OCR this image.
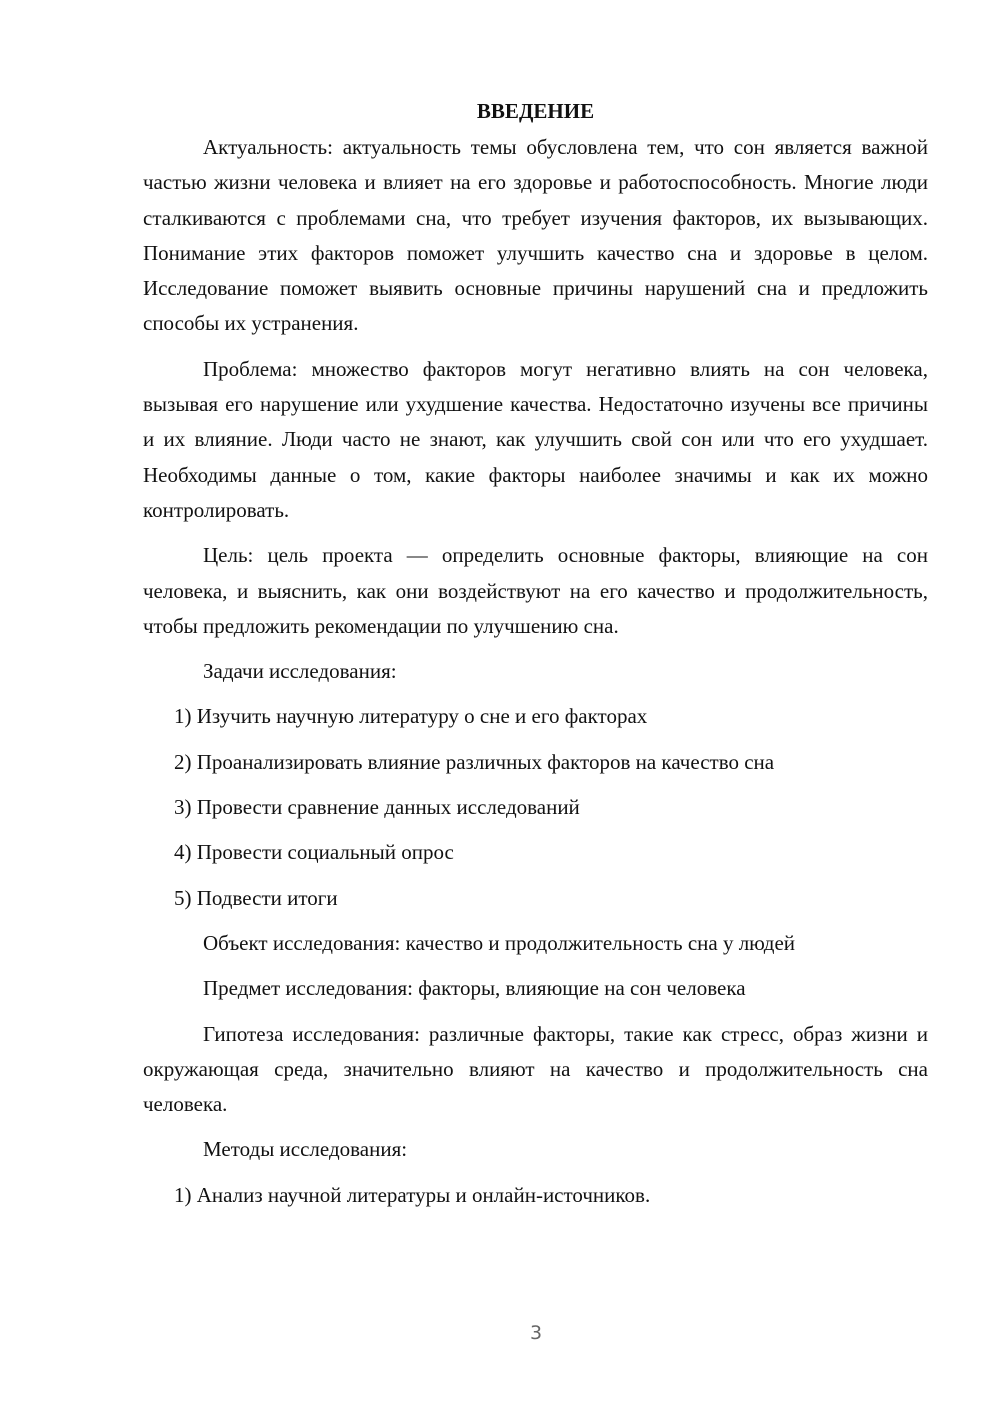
ВВЕДЕНИЕ

Актуальность: актуальность темы обусловлена тем, что сон является важной частью жизни человека и влияет на его здоровье и работоспособность. Многие люди сталкиваются с проблемами сна, что требует изучения факторов, их вызывающих. Понимание этих факторов поможет улучшить качество сна и здоровье в целом. Исследование поможет выявить основные причины нарушений сна и предложить способы их устранения.

Проблема: множество факторов могут негативно влиять на сон человека, вызывая его нарушение или ухудшение качества. Недостаточно изучены все причины и их влияние. Люди часто не знают, как улучшить свой сон или что его ухудшает. Необходимы данные о том, какие факторы наиболее значимы и как их можно контролировать.

Цель: цель проекта — определить основные факторы, влияющие на сон человека, и выяснить, как они воздействуют на его качество и продолжительность, чтобы предложить рекомендации по улучшению сна.

Задачи исследования:

1) Изучить научную литературу о сне и его факторах

2) Проанализировать влияние различных факторов на качество сна

3) Провести сравнение данных исследований

4) Провести социальный опрос

5) Подвести итоги

Объект исследования: качество и продолжительность сна у людей

Предмет исследования: факторы, влияющие на сон человека

Гипотеза исследования: различные факторы, такие как стресс, образ жизни и окружающая среда, значительно влияют на качество и продолжительность сна человека.

Методы исследования:

1) Анализ научной литературы и онлайн-источников.

3
